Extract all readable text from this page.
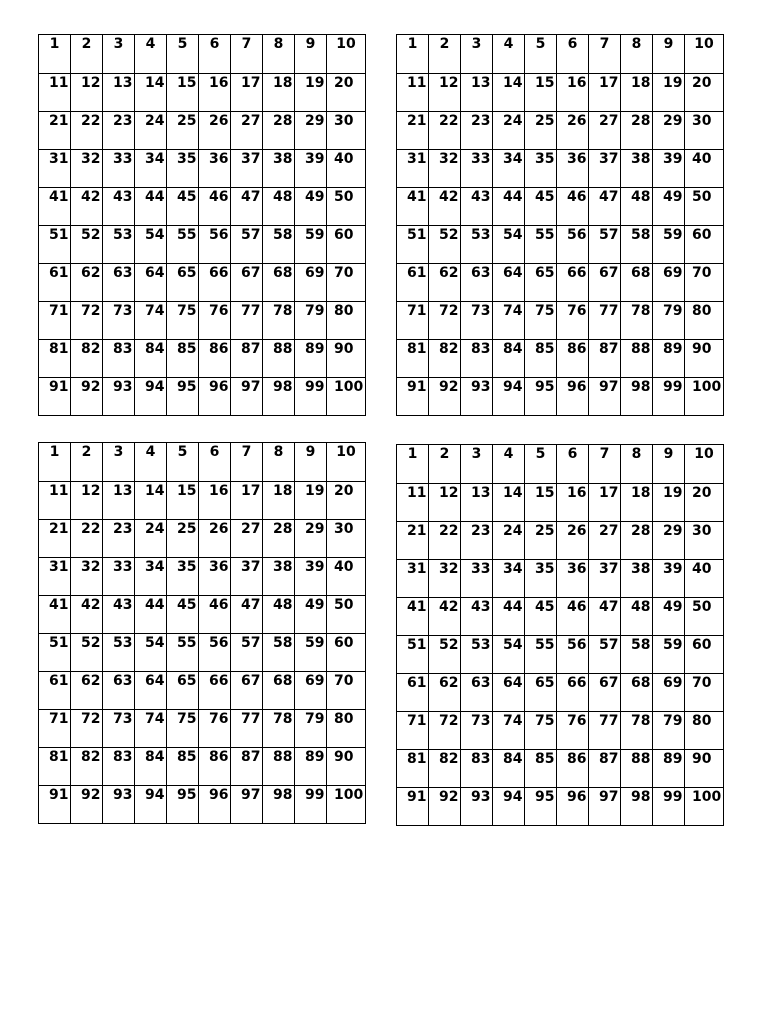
1	2	3	4	5	6	7	8	9	10
11	12	13	14	15	16	17	18	19	20
21	22	23	24	25	26	27	28	29	30
31	32	33	34	35	36	37	38	39	40
41	42	43	44	45	46	47	48	49	50
51	52	53	54	55	56	57	58	59	60
61	62	63	64	65	66	67	68	69	70
71	72	73	74	75	76	77	78	79	80
81	82	83	84	85	86	87	88	89	90
91	92	93	94	95	96	97	98	99	100
1	2	3	4	5	6	7	8	9	10
11	12	13	14	15	16	17	18	19	20
21	22	23	24	25	26	27	28	29	30
31	32	33	34	35	36	37	38	39	40
41	42	43	44	45	46	47	48	49	50
51	52	53	54	55	56	57	58	59	60
61	62	63	64	65	66	67	68	69	70
71	72	73	74	75	76	77	78	79	80
81	82	83	84	85	86	87	88	89	90
91	92	93	94	95	96	97	98	99	100
1	2	3	4	5	6	7	8	9	10
11	12	13	14	15	16	17	18	19	20
21	22	23	24	25	26	27	28	29	30
31	32	33	34	35	36	37	38	39	40
41	42	43	44	45	46	47	48	49	50
51	52	53	54	55	56	57	58	59	60
61	62	63	64	65	66	67	68	69	70
71	72	73	74	75	76	77	78	79	80
81	82	83	84	85	86	87	88	89	90
91	92	93	94	95	96	97	98	99	100
1	2	3	4	5	6	7	8	9	10
11	12	13	14	15	16	17	18	19	20
21	22	23	24	25	26	27	28	29	30
31	32	33	34	35	36	37	38	39	40
41	42	43	44	45	46	47	48	49	50
51	52	53	54	55	56	57	58	59	60
61	62	63	64	65	66	67	68	69	70
71	72	73	74	75	76	77	78	79	80
81	82	83	84	85	86	87	88	89	90
91	92	93	94	95	96	97	98	99	100
